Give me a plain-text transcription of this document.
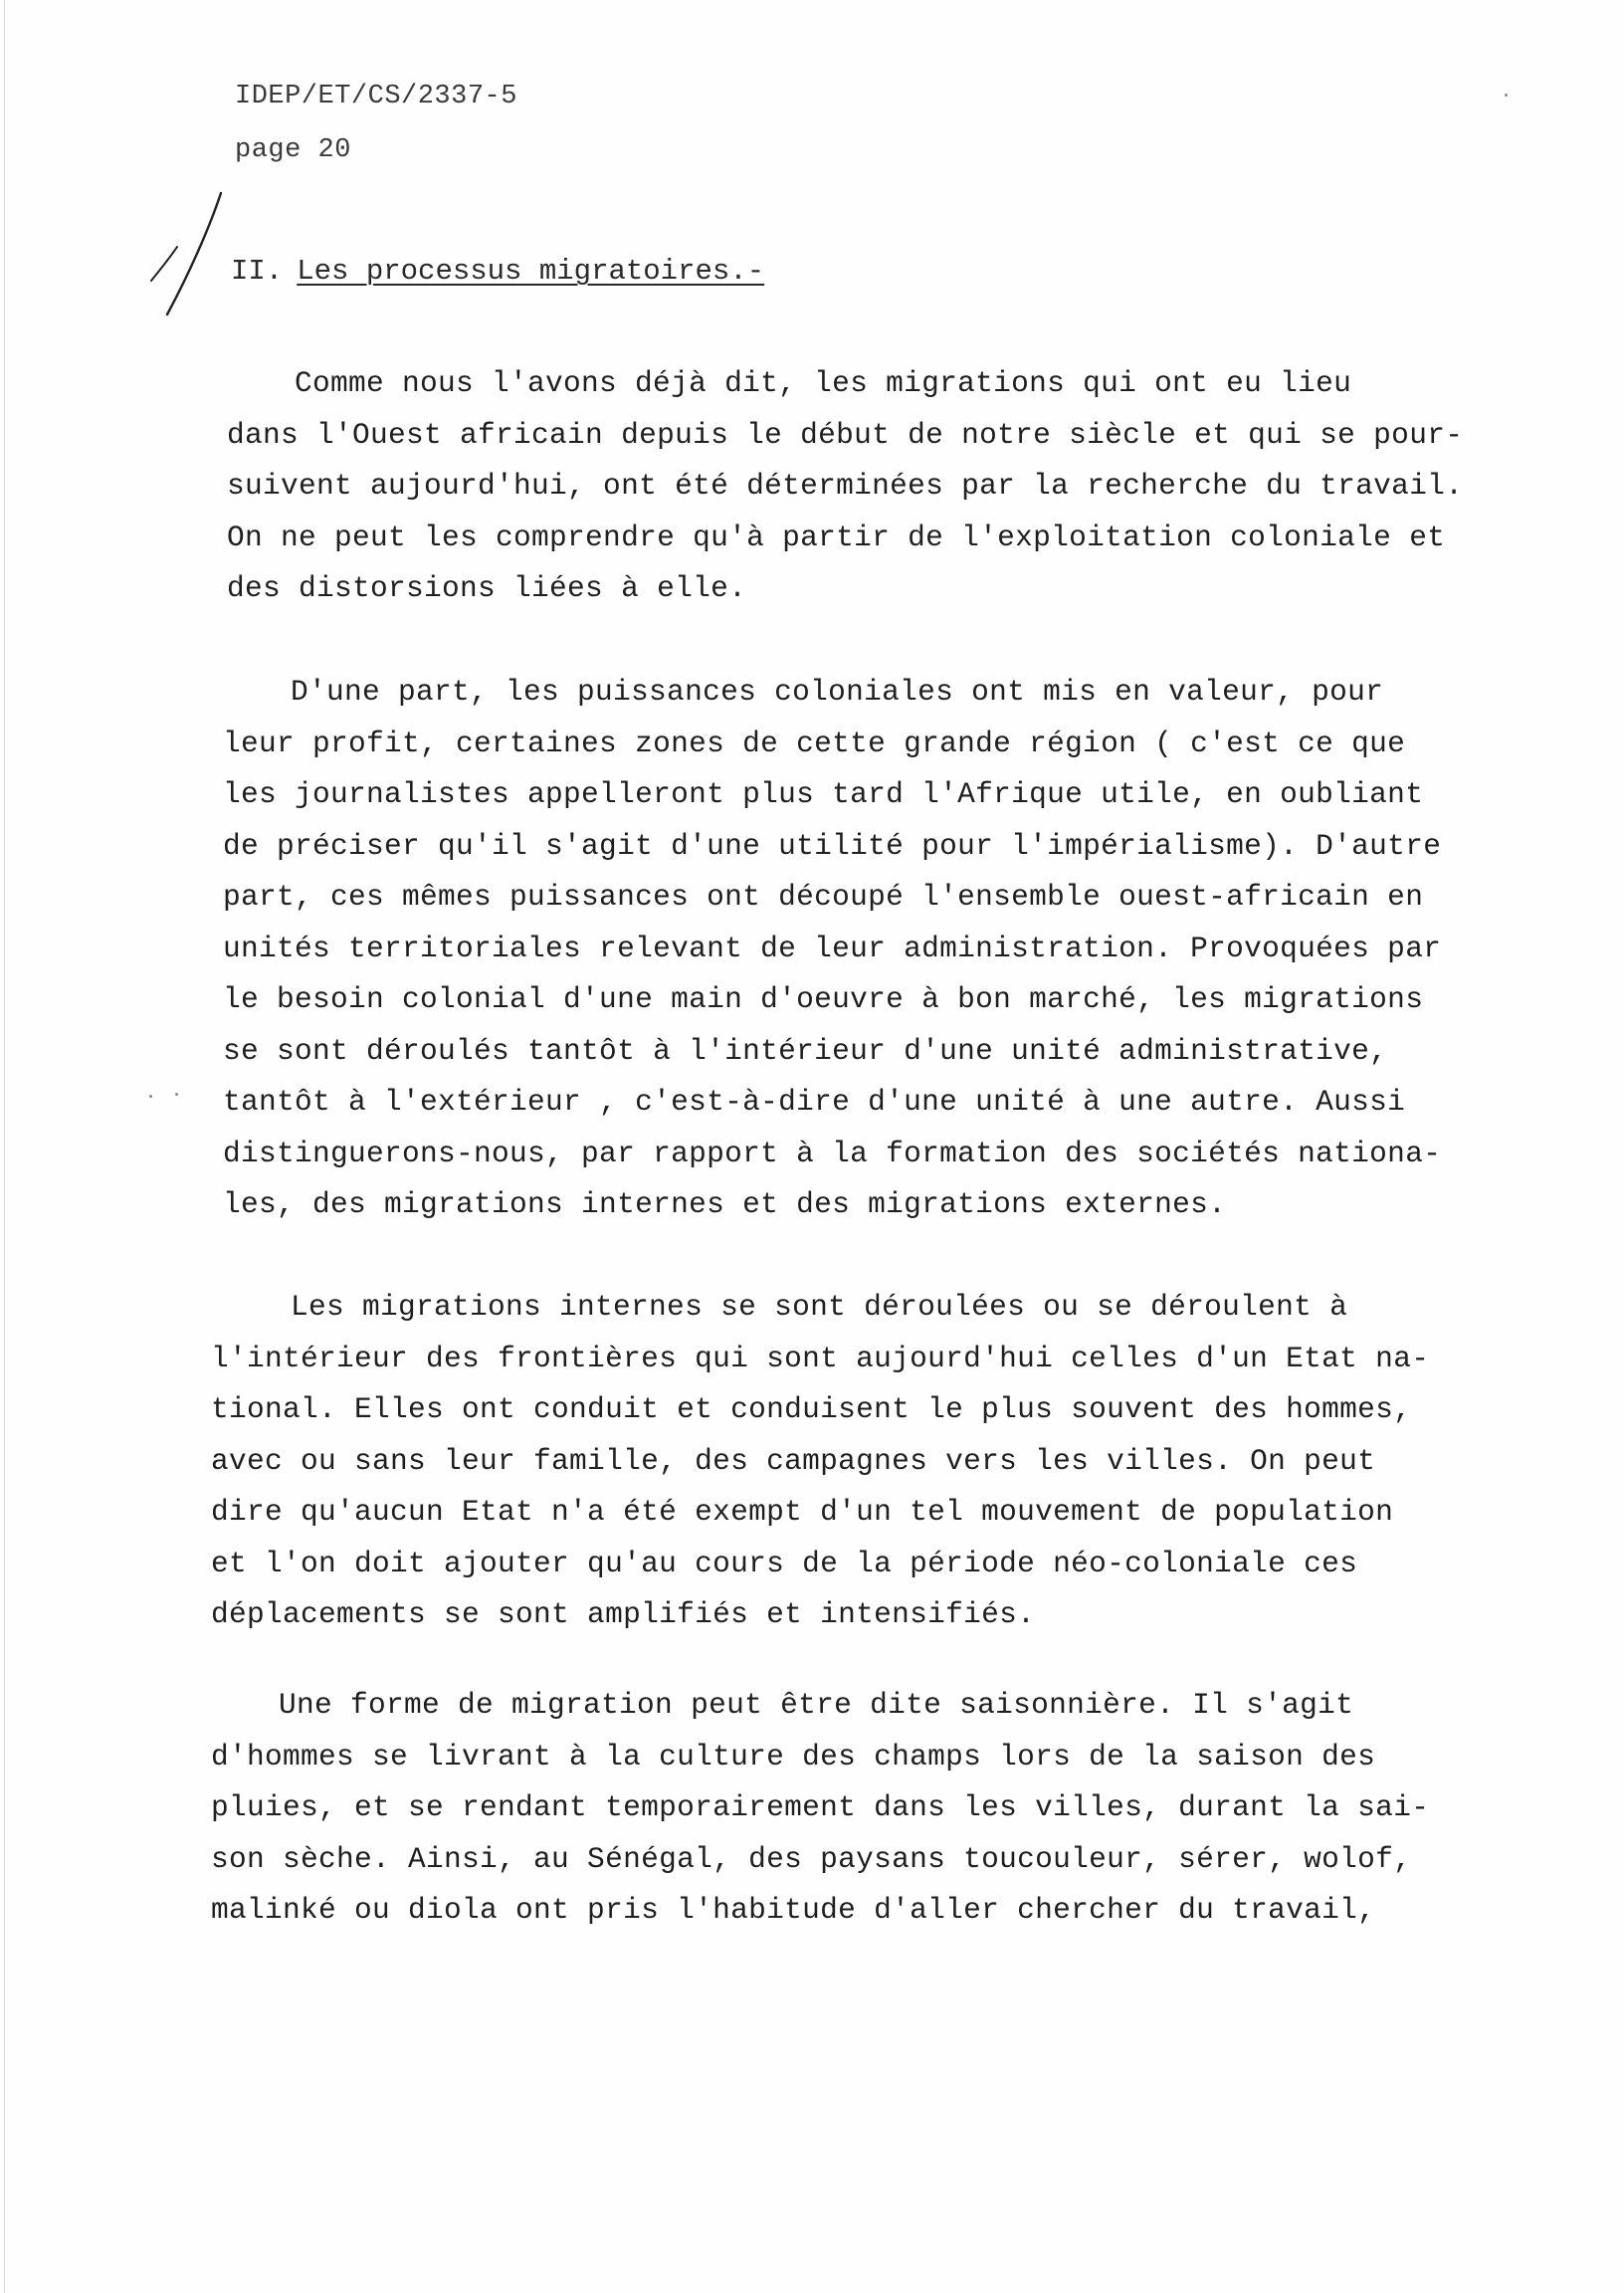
IDEP/ET/CS/2337-5
page 20
II. Les processus migratoires.-
Comme nous l'avons déjà dit, les migrations qui ont eu lieu
dans l'Ouest africain depuis le début de notre siècle et qui se pour-
suivent aujourd'hui, ont été déterminées par la recherche du travail.
On ne peut les comprendre qu'à partir de l'exploitation coloniale et
des distorsions liées à elle.
D'une part, les puissances coloniales ont mis en valeur, pour
leur profit, certaines zones de cette grande région ( c'est ce que
les journalistes appelleront plus tard l'Afrique utile, en oubliant
de préciser qu'il s'agit d'une utilité pour l'impérialisme). D'autre
part, ces mêmes puissances ont découpé l'ensemble ouest-africain en
unités territoriales relevant de leur administration. Provoquées par
le besoin colonial d'une main d'oeuvre à bon marché, les migrations
se sont déroulés tantôt à l'intérieur d'une unité administrative,
tantôt à l'extérieur , c'est-à-dire d'une unité à une autre. Aussi
distinguerons-nous, par rapport à la formation des sociétés nationa-
les, des migrations internes et des migrations externes.
Les migrations internes se sont déroulées ou se déroulent à
l'intérieur des frontières qui sont aujourd'hui celles d'un Etat na-
tional. Elles ont conduit et conduisent le plus souvent des hommes,
avec ou sans leur famille, des campagnes vers les villes. On peut
dire qu'aucun Etat n'a été exempt d'un tel mouvement de population
et l'on doit ajouter qu'au cours de la période néo-coloniale ces
déplacements se sont amplifiés et intensifiés.
Une forme de migration peut être dite saisonnière. Il s'agit
d'hommes se livrant à la culture des champs lors de la saison des
pluies, et se rendant temporairement dans les villes, durant la sai-
son sèche. Ainsi, au Sénégal, des paysans toucouleur, sérer, wolof,
malinké ou diola ont pris l'habitude d'aller chercher du travail,
